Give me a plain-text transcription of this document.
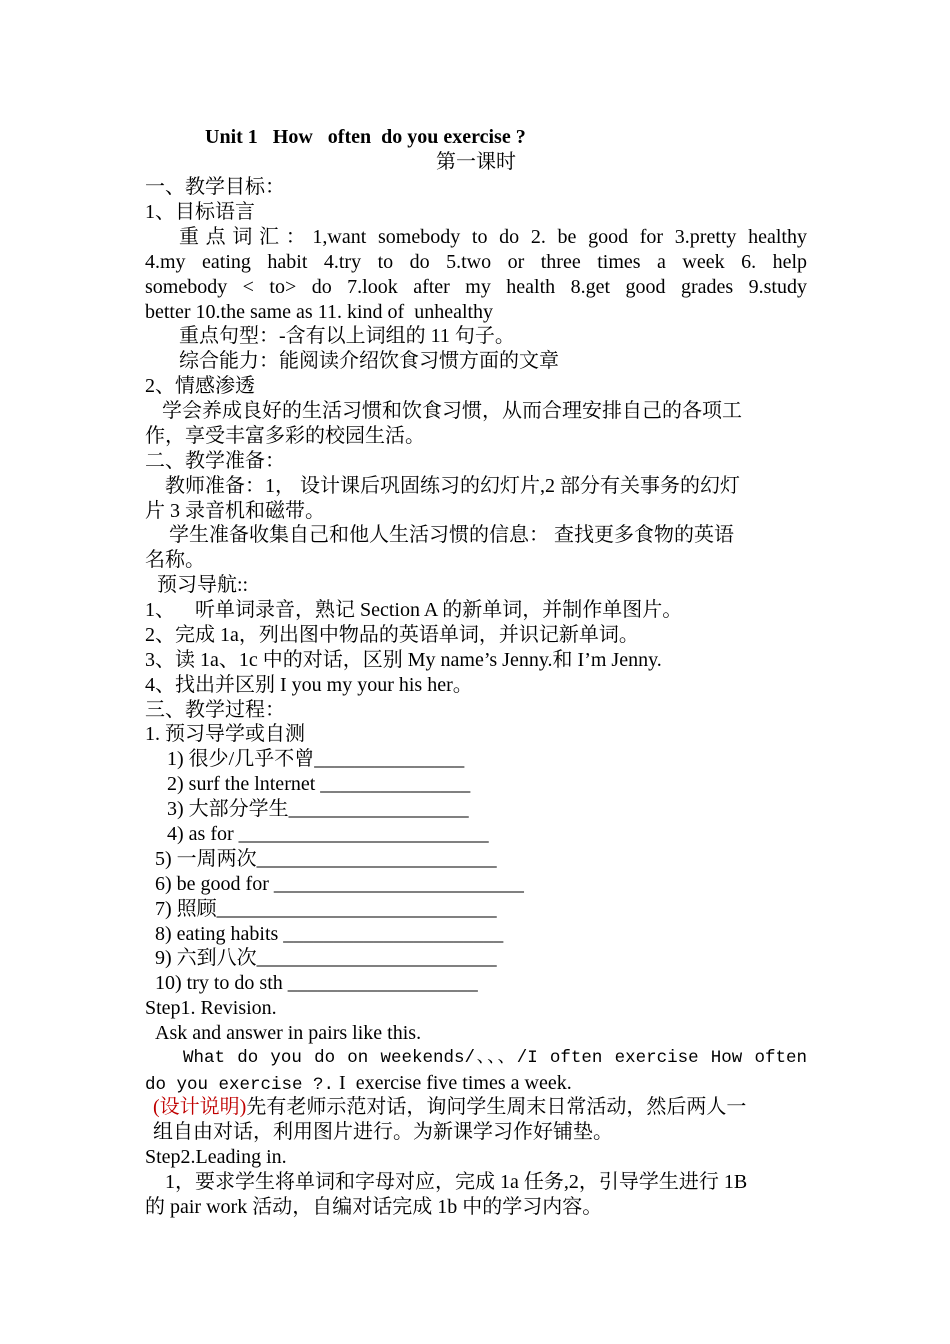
Unit 1   How   often  do you exercise ?
第一课时
一、教学目标：
1、目标语言
重点词汇：1,want somebody to do 2. be good for 3.pretty healthy
4.my eating habit 4.try to do 5.two or three times a week 6. help
somebody < to> do 7.look after my health 8.get good grades 9.study
better 10.the same as 11. kind of  unhealthy
重点句型：-含有以上词组的 11 句子。
综合能力：能阅读介绍饮食习惯方面的文章
2、情感渗透
学会养成良好的生活习惯和饮食习惯，从而合理安排自己的各项工
作，享受丰富多彩的校园生活。
二、教学准备：
教师准备：1， 设计课后巩固练习的幻灯片,2 部分有关事务的幻灯
片 3 录音机和磁带。
学生准备收集自己和他人生活习惯的信息： 查找更多食物的英语
名称。
预习导航::
1、    听单词录音，熟记 Section A 的新单词，并制作单图片。
2、完成 1a，列出图中物品的英语单词，并识记新单词。
3、读 1a、1c 中的对话，区别 My name’s Jenny.和 I’m Jenny.
4、找出并区别 I you my your his her。
三、教学过程：
1. 预习导学或自测
1) 很少/几乎不曾_______________
2) surf the lnternet _______________
3) 大部分学生__________________
4) as for _________________________
5) 一周两次________________________
6) be good for _________________________
7) 照顾____________________________
8) eating habits ______________________
9) 六到八次________________________
10) try to do sth ___________________
Step1. Revision.
Ask and answer in pairs like this.
What do you do on weekends/、、、/I often exercise How often
do you exercise ?. I  exercise five times a week.
(设计说明)先有老师示范对话，询问学生周末日常活动，然后两人一
组自由对话，利用图片进行。为新课学习作好铺垫。
Step2.Leading in.
1，要求学生将单词和字母对应，完成 1a 任务,2，引导学生进行 1B
的 pair work 活动，自编对话完成 1b 中的学习内容。
